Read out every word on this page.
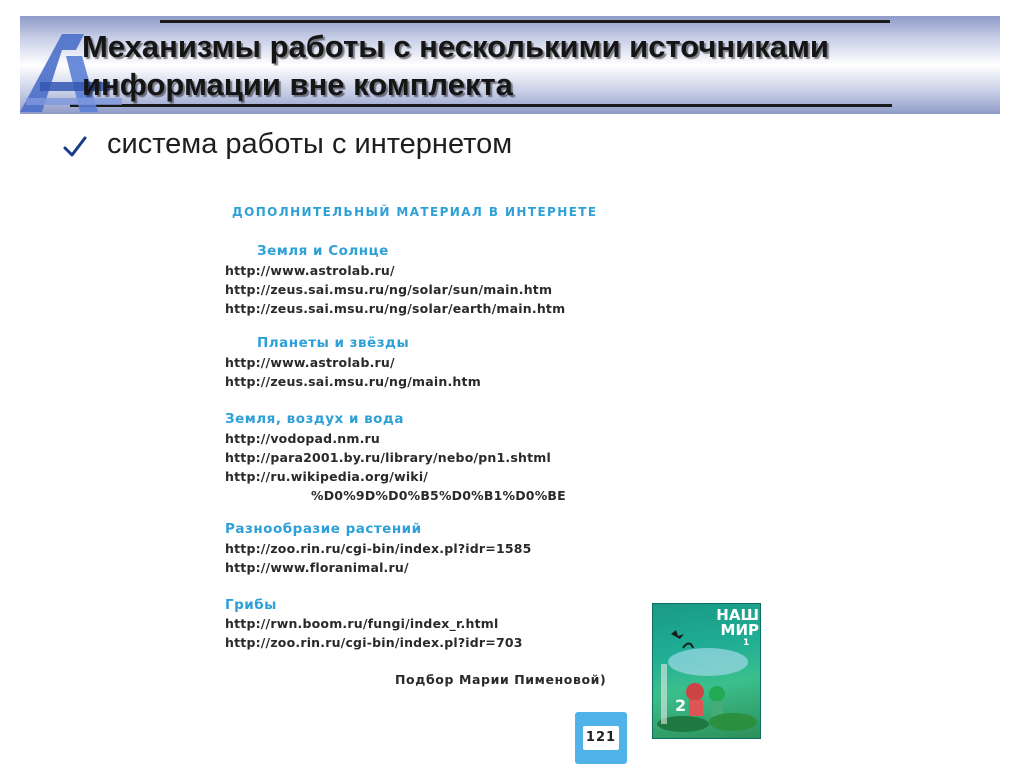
Механизмы работы с несколькими источниками информации вне комплекта
система работы с интернетом
ДОПОЛНИТЕЛЬНЫЙ МАТЕРИАЛ В ИНТЕРНЕТЕ
Земля и Солнце
http://www.astrolab.ru/
http://zeus.sai.msu.ru/ng/solar/sun/main.htm
http://zeus.sai.msu.ru/ng/solar/earth/main.htm
Планеты и звёзды
http://www.astrolab.ru/
http://zeus.sai.msu.ru/ng/main.htm
Земля, воздух и вода
http://vodopad.nm.ru
http://para2001.by.ru/library/nebo/pn1.shtml
http://ru.wikipedia.org/wiki/
%D0%9D%D0%B5%D0%B1%D0%BE
Разнообразие растений
http://zoo.rin.ru/cgi-bin/index.pl?idr=1585
http://www.floranimal.ru/
Грибы
http://rwn.boom.ru/fungi/index_r.html
http://zoo.rin.ru/cgi-bin/index.pl?idr=703
Подбор Марии Пименовой)
НАШ
МИР
1
2
121
